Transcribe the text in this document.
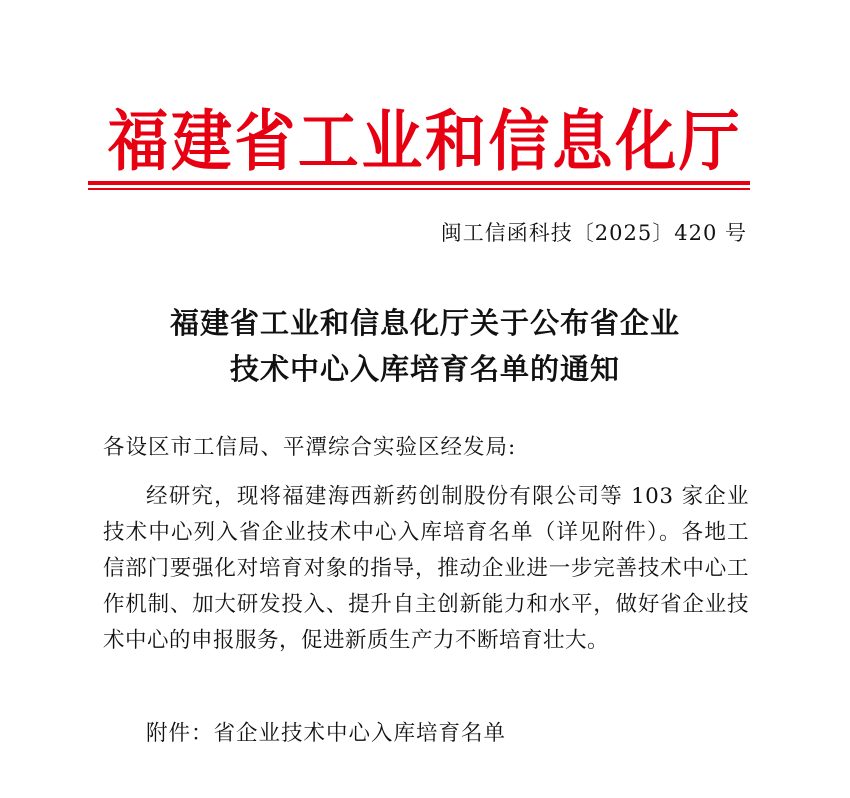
福建省工业和信息化厅
闽工信函科技〔2025〕420 号
福建省工业和信息化厅关于公布省企业
技术中心入库培育名单的通知
各设区市工信局、平潭综合实验区经发局:
经研究，现将福建海西新药创制股份有限公司等 103 家企业技术中心列入省企业技术中心入库培育名单（详见附件）。各地工信部门要强化对培育对象的指导，推动企业进一步完善技术中心工作机制、加大研发投入、提升自主创新能力和水平，做好省企业技术中心的申报服务，促进新质生产力不断培育壮大。
附件：省企业技术中心入库培育名单
